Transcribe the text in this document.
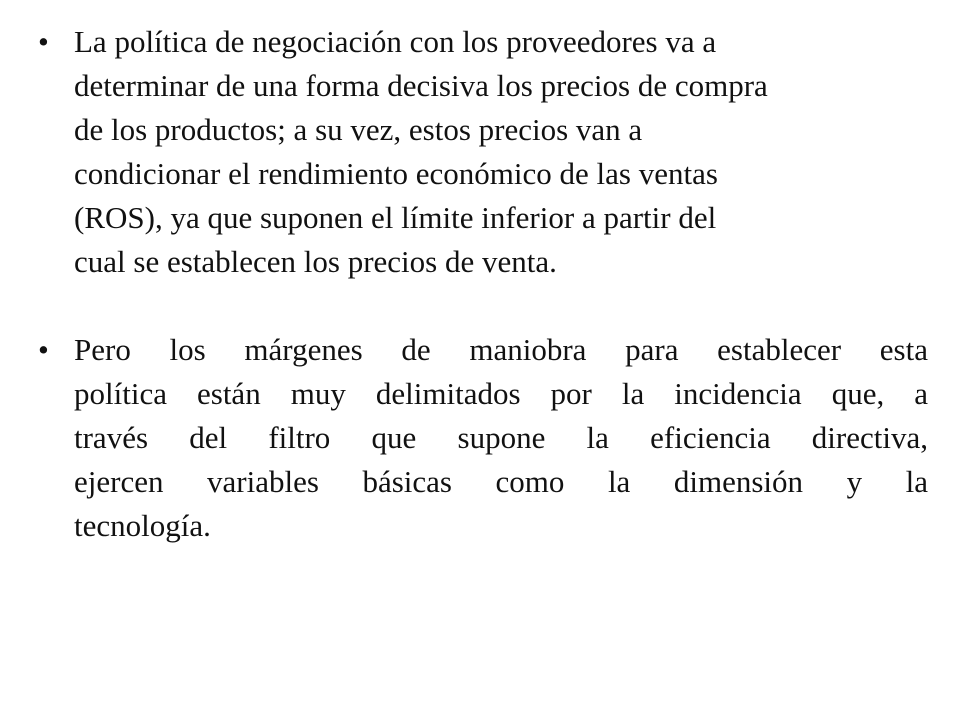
• La política de negociación con los proveedores va a
determinar de una forma decisiva los precios de compra
de los productos; a su vez, estos precios van a
condicionar el rendimiento económico de las ventas
(ROS), ya que suponen el límite inferior a partir del
cual se establecen los precios de venta.
• Pero los márgenes de maniobra para establecer esta
política están muy delimitados por la incidencia que, a
través del filtro que supone la eficiencia directiva,
ejercen variables básicas como la dimensión y la
tecnología.
